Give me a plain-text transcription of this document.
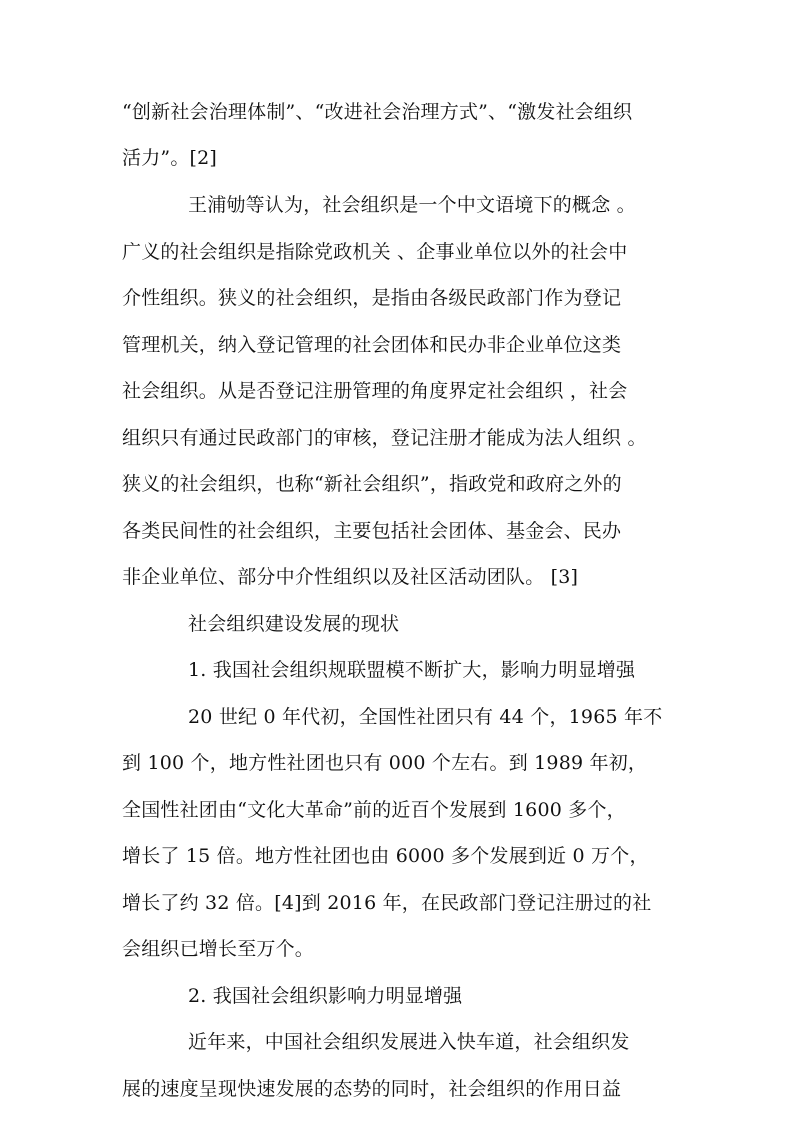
“创新社会治理体制”、“改进社会治理方式”、“激发社会组织
活力”。[2]
王浦劬等认为，社会组织是一个中文语境下的概念 。
广义的社会组织是指除党政机关 、企事业单位以外的社会中
介性组织。狭义的社会组织，是指由各级民政部门作为登记
管理机关，纳入登记管理的社会团体和民办非企业单位这类
社会组织。从是否登记注册管理的角度界定社会组织 ，社会
组织只有通过民政部门的审核，登记注册才能成为法人组织 。
狭义的社会组织，也称“新社会组织”，指政党和政府之外的
各类民间性的社会组织，主要包括社会团体、基金会、民办
非企业单位、部分中介性组织以及社区活动团队。 [3]
社会组织建设发展的现状
1. 我国社会组织规联盟模不断扩大，影响力明显增强
20 世纪 0 年代初，全国性社团只有 44 个，1965 年不
到 100 个，地方性社团也只有 000 个左右。到 1989 年初，
全国性社团由“文化大革命”前的近百个发展到 1600 多个，
增长了 15 倍。地方性社团也由 6000 多个发展到近 0 万个，
增长了约 32 倍。[4]到 2016 年，在民政部门登记注册过的社
会组织已增长至万个。
2. 我国社会组织影响力明显增强
近年来，中国社会组织发展进入快车道，社会组织发
展的速度呈现快速发展的态势的同时，社会组织的作用日益
